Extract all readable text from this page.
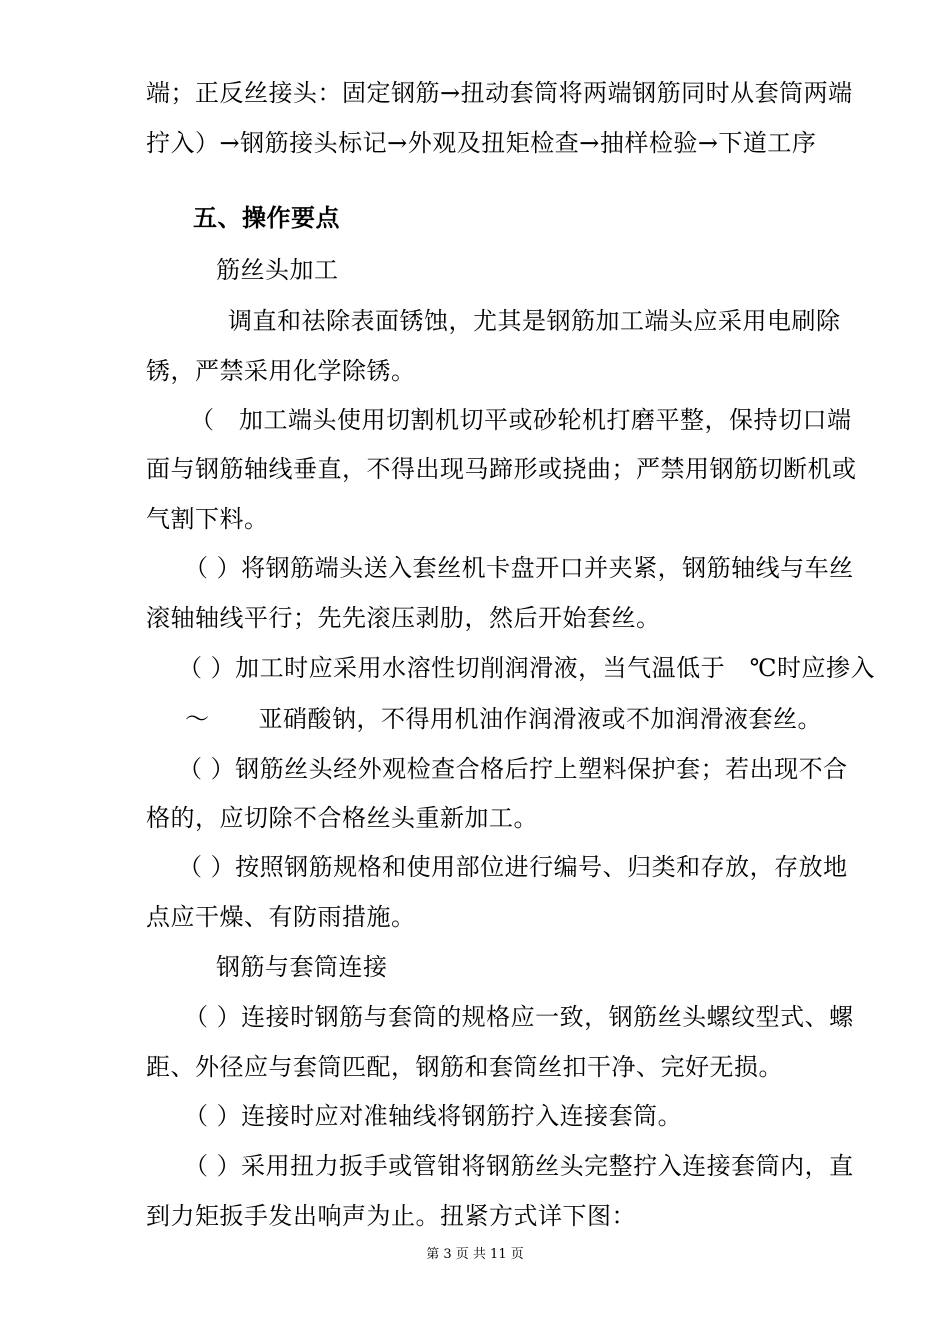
端；正反丝接头：固定钢筋→扭动套筒将两端钢筋同时从套筒两端
拧入）→钢筋接头标记→外观及扭矩检查→抽样检验→下道工序
五、操作要点
筋丝头加工
调直和祛除表面锈蚀，尤其是钢筋加工端头应采用电刷除
锈，严禁采用化学除锈。
（　加工端头使用切割机切平或砂轮机打磨平整，保持切口端
面与钢筋轴线垂直，不得出现马蹄形或挠曲；严禁用钢筋切断机或
气割下料。
（ ）将钢筋端头送入套丝机卡盘开口并夹紧，钢筋轴线与车丝
滚轴轴线平行；先先滚压剥肋，然后开始套丝。
（ ）加工时应采用水溶性切削润滑液，当气温低于　℃时应掺入
～　　亚硝酸钠，不得用机油作润滑液或不加润滑液套丝。
（ ）钢筋丝头经外观检查合格后拧上塑料保护套；若出现不合
格的，应切除不合格丝头重新加工。
（ ）按照钢筋规格和使用部位进行编号、归类和存放，存放地
点应干燥、有防雨措施。
钢筋与套筒连接
（ ）连接时钢筋与套筒的规格应一致，钢筋丝头螺纹型式、螺
距、外径应与套筒匹配，钢筋和套筒丝扣干净、完好无损。
（ ）连接时应对准轴线将钢筋拧入连接套筒。
（ ）采用扭力扳手或管钳将钢筋丝头完整拧入连接套筒内，直
到力矩扳手发出响声为止。扭紧方式详下图：
第 3 页 共 11 页
